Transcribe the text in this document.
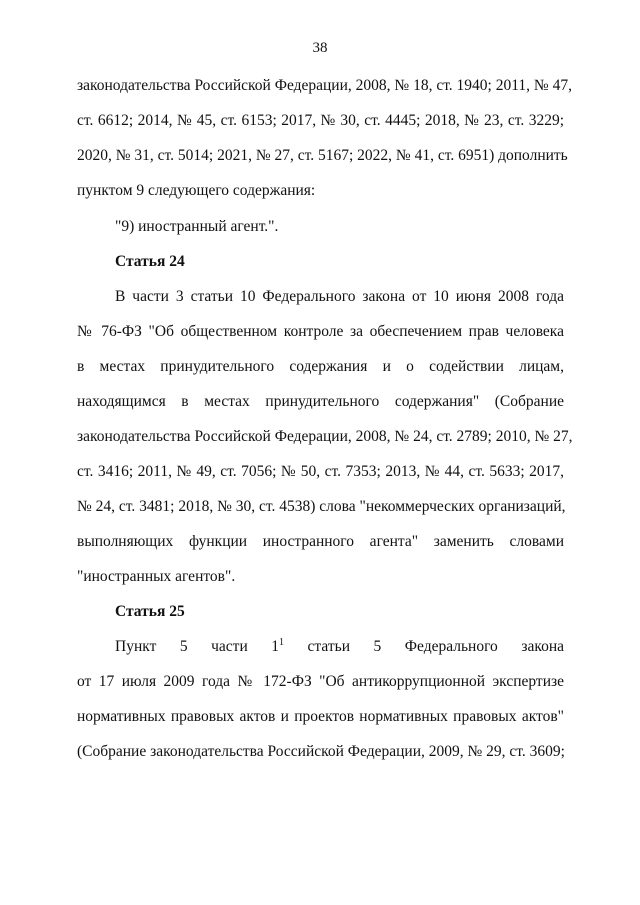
38
законодательства Российской Федерации, 2008, № 18, ст. 1940; 2011, № 47,
ст. 6612; 2014, № 45, ст. 6153; 2017, № 30, ст. 4445; 2018, № 23, ст. 3229;
2020, № 31, ст. 5014; 2021, № 27, ст. 5167; 2022, № 41, ст. 6951) дополнить
пунктом 9 следующего содержания:
"9) иностранный агент.".
Статья 24
В части 3 статьи 10 Федерального закона от 10 июня 2008 года
№ 76-ФЗ "Об общественном контроле за обеспечением прав человека
в местах принудительного содержания и о содействии лицам,
находящимся в местах принудительного содержания" (Собрание
законодательства Российской Федерации, 2008, № 24, ст. 2789; 2010, № 27,
ст. 3416; 2011, № 49, ст. 7056; № 50, ст. 7353; 2013, № 44, ст. 5633; 2017,
№ 24, ст. 3481; 2018, № 30, ст. 4538) слова "некоммерческих организаций,
выполняющих функции иностранного агента" заменить словами
"иностранных агентов".
Статья 25
Пункт 5 части $1^1$ статьи 5 Федерального закона
от 17 июля 2009 года № 172-ФЗ "Об антикоррупционной экспертизе
нормативных правовых актов и проектов нормативных правовых актов"
(Собрание законодательства Российской Федерации, 2009, № 29, ст. 3609;
